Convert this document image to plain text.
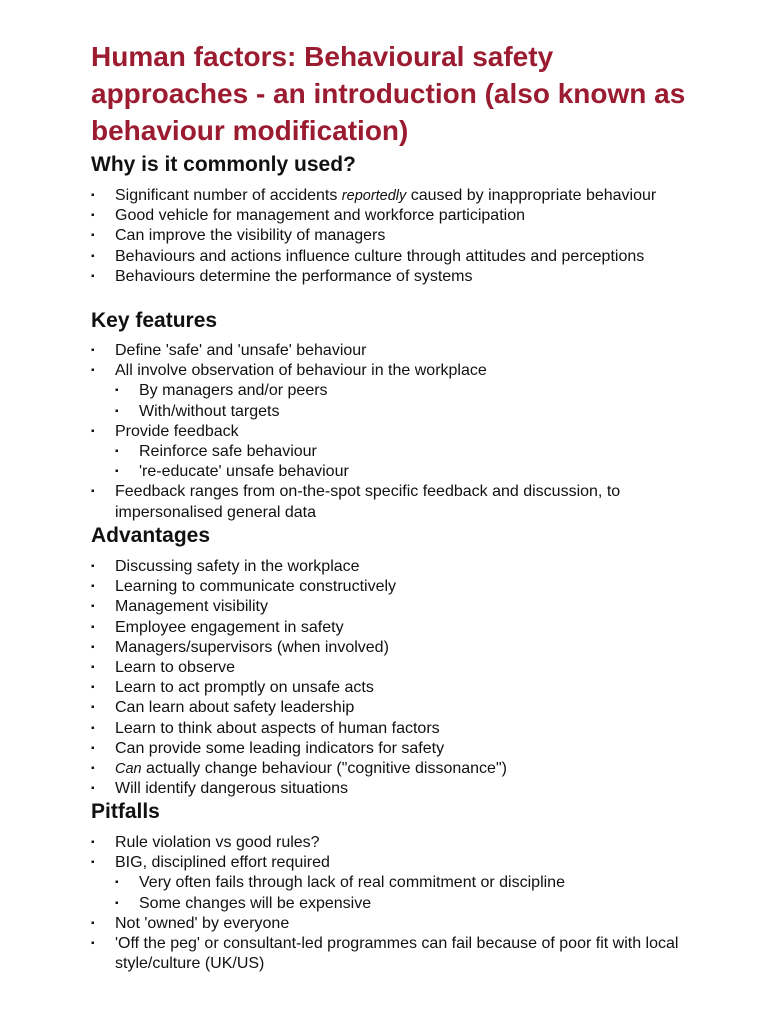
Human factors: Behavioural safety approaches - an introduction (also known as behaviour modification)
Why is it commonly used?
▪ Significant number of accidents reportedly caused by inappropriate behaviour
▪ Good vehicle for management and workforce participation
▪ Can improve the visibility of managers
▪ Behaviours and actions influence culture through attitudes and perceptions
▪ Behaviours determine the performance of systems
Key features
▪ Define 'safe' and 'unsafe' behaviour
▪ All involve observation of behaviour in the workplace
▪ By managers and/or peers
▪ With/without targets
▪ Provide feedback
▪ Reinforce safe behaviour
▪ 're-educate' unsafe behaviour
▪ Feedback ranges from on-the-spot specific feedback and discussion, to impersonalised general data
Advantages
▪ Discussing safety in the workplace
▪ Learning to communicate constructively
▪ Management visibility
▪ Employee engagement in safety
▪ Managers/supervisors (when involved)
▪ Learn to observe
▪ Learn to act promptly on unsafe acts
▪ Can learn about safety leadership
▪ Learn to think about aspects of human factors
▪ Can provide some leading indicators for safety
▪ Can actually change behaviour ("cognitive dissonance")
▪ Will identify dangerous situations
Pitfalls
▪ Rule violation vs good rules?
▪ BIG, disciplined effort required
▪ Very often fails through lack of real commitment or discipline
▪ Some changes will be expensive
▪ Not 'owned' by everyone
▪ 'Off the peg' or consultant-led programmes can fail because of poor fit with local style/culture (UK/US)
